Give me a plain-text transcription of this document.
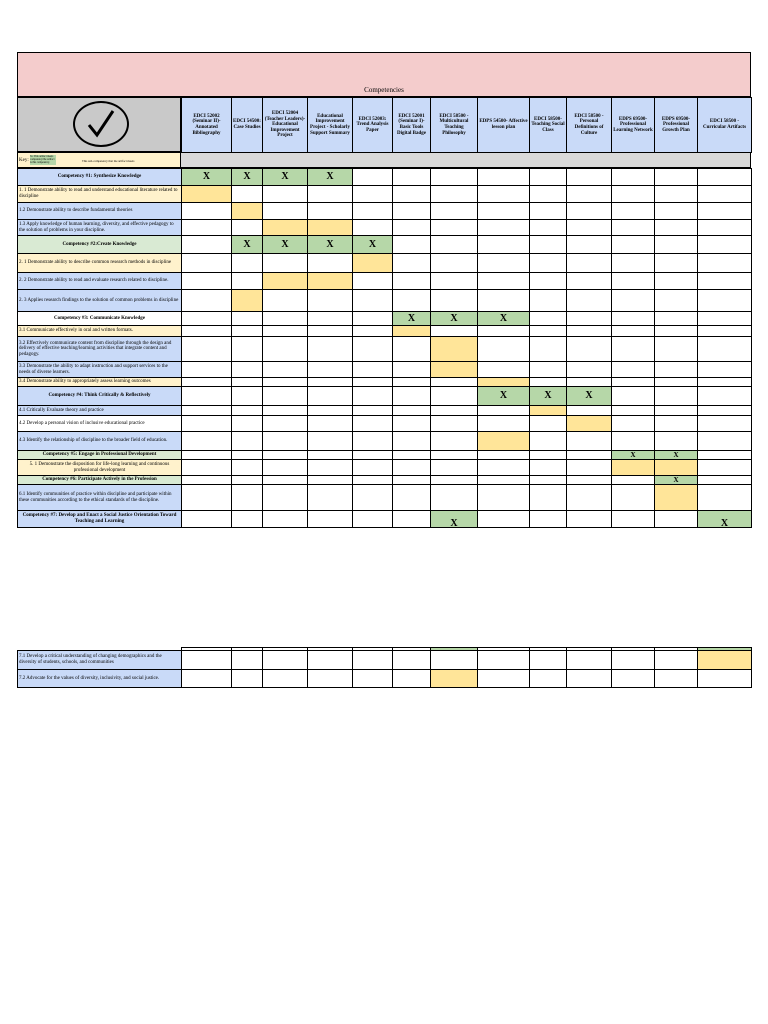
Competencies
EDCI 52002 (Seminar II)- Annotated Bibliography	EDCI 54500: Case Studies	EDCI 52004 (Teacher Leaders)- Educational Improvement Project	Educational Improvement Project - Scholarly Support Summary	EDCI 52003: Trend Analysis Paper	EDCI 52001 (Seminar I)- Basic Tools Digital Badge	EDCI 58500 - Multicultural Teaching Philosophy	EDPS 54500- Affective lesson plan	EDCI 58500- Teaching Social Class	EDCI 58500 - Personal Definitions of Culture	EDPS 69500- Professional Learning Network	EDPS 69500- Professional Growth Plan	EDCI 58500 - Curricular Artifacts
Key:
X= This artifact meets competency/the artifact is this competency.	This sub-competency that the artifact meets
Competency #1: Synthesize Knowledge	X	X	X	X									
1. 1 Demonstrate ability to read and understand educational literature related to discipline													
1.2 Demonstrate ability to describe fundamental theories													
1.3 Apply knowledge of human learning, diversity, and effective pedagogy to the solution of problems in your discipline.													
Competency #2:Create Knowledge		X	X	X	X								
2. 1 Demonstrate ability to describe common research methods in discipline													
2. 2 Demonstrate ability to read and evaluate research related to discipline.													
2. 3 Applies research findings to the solution of common problems in discipline													
Competency #3: Communicate Knowledge						X	X	X					
3.1 Communicate effectively in oral and written formats.													
3.2 Effectively communicate content from discipline through the design and delivery of effective teaching/learning activities that integrate content and pedagogy.													
3.3 Demonstrate the ability to adapt instruction and support services to the needs of diverse learners.													
3.4 Demonstrate ability to appropriately assess learning outcomes													
Competency #4: Think Critically & Reflectively								X	X	X			
4.1 Critically Evaluate theory and practice													
4.2 Develop a personal vision of inclusive educational practice													
4.3 Identify the relationship of discipline to the broader field of education.													
Competency #5: Engage in Professional Development											X	X	
5. 1 Demonstrate the disposition for life-long learning and continuous professional development													
Competency #6: Participate Actively in the Profession												X	
6.1 Identify communities of practice within discipline and participate within these communities according to the ethical standards of the discipline.													
Competency #7: Develop and Enact a Social Justice Orientation Toward Teaching and Learning							X						X

7.1 Develop a critical understanding of changing demographics and the diversity of students, schools, and communities													
7.2 Advocate for the values of diversity, inclusivity, and social justice.													
